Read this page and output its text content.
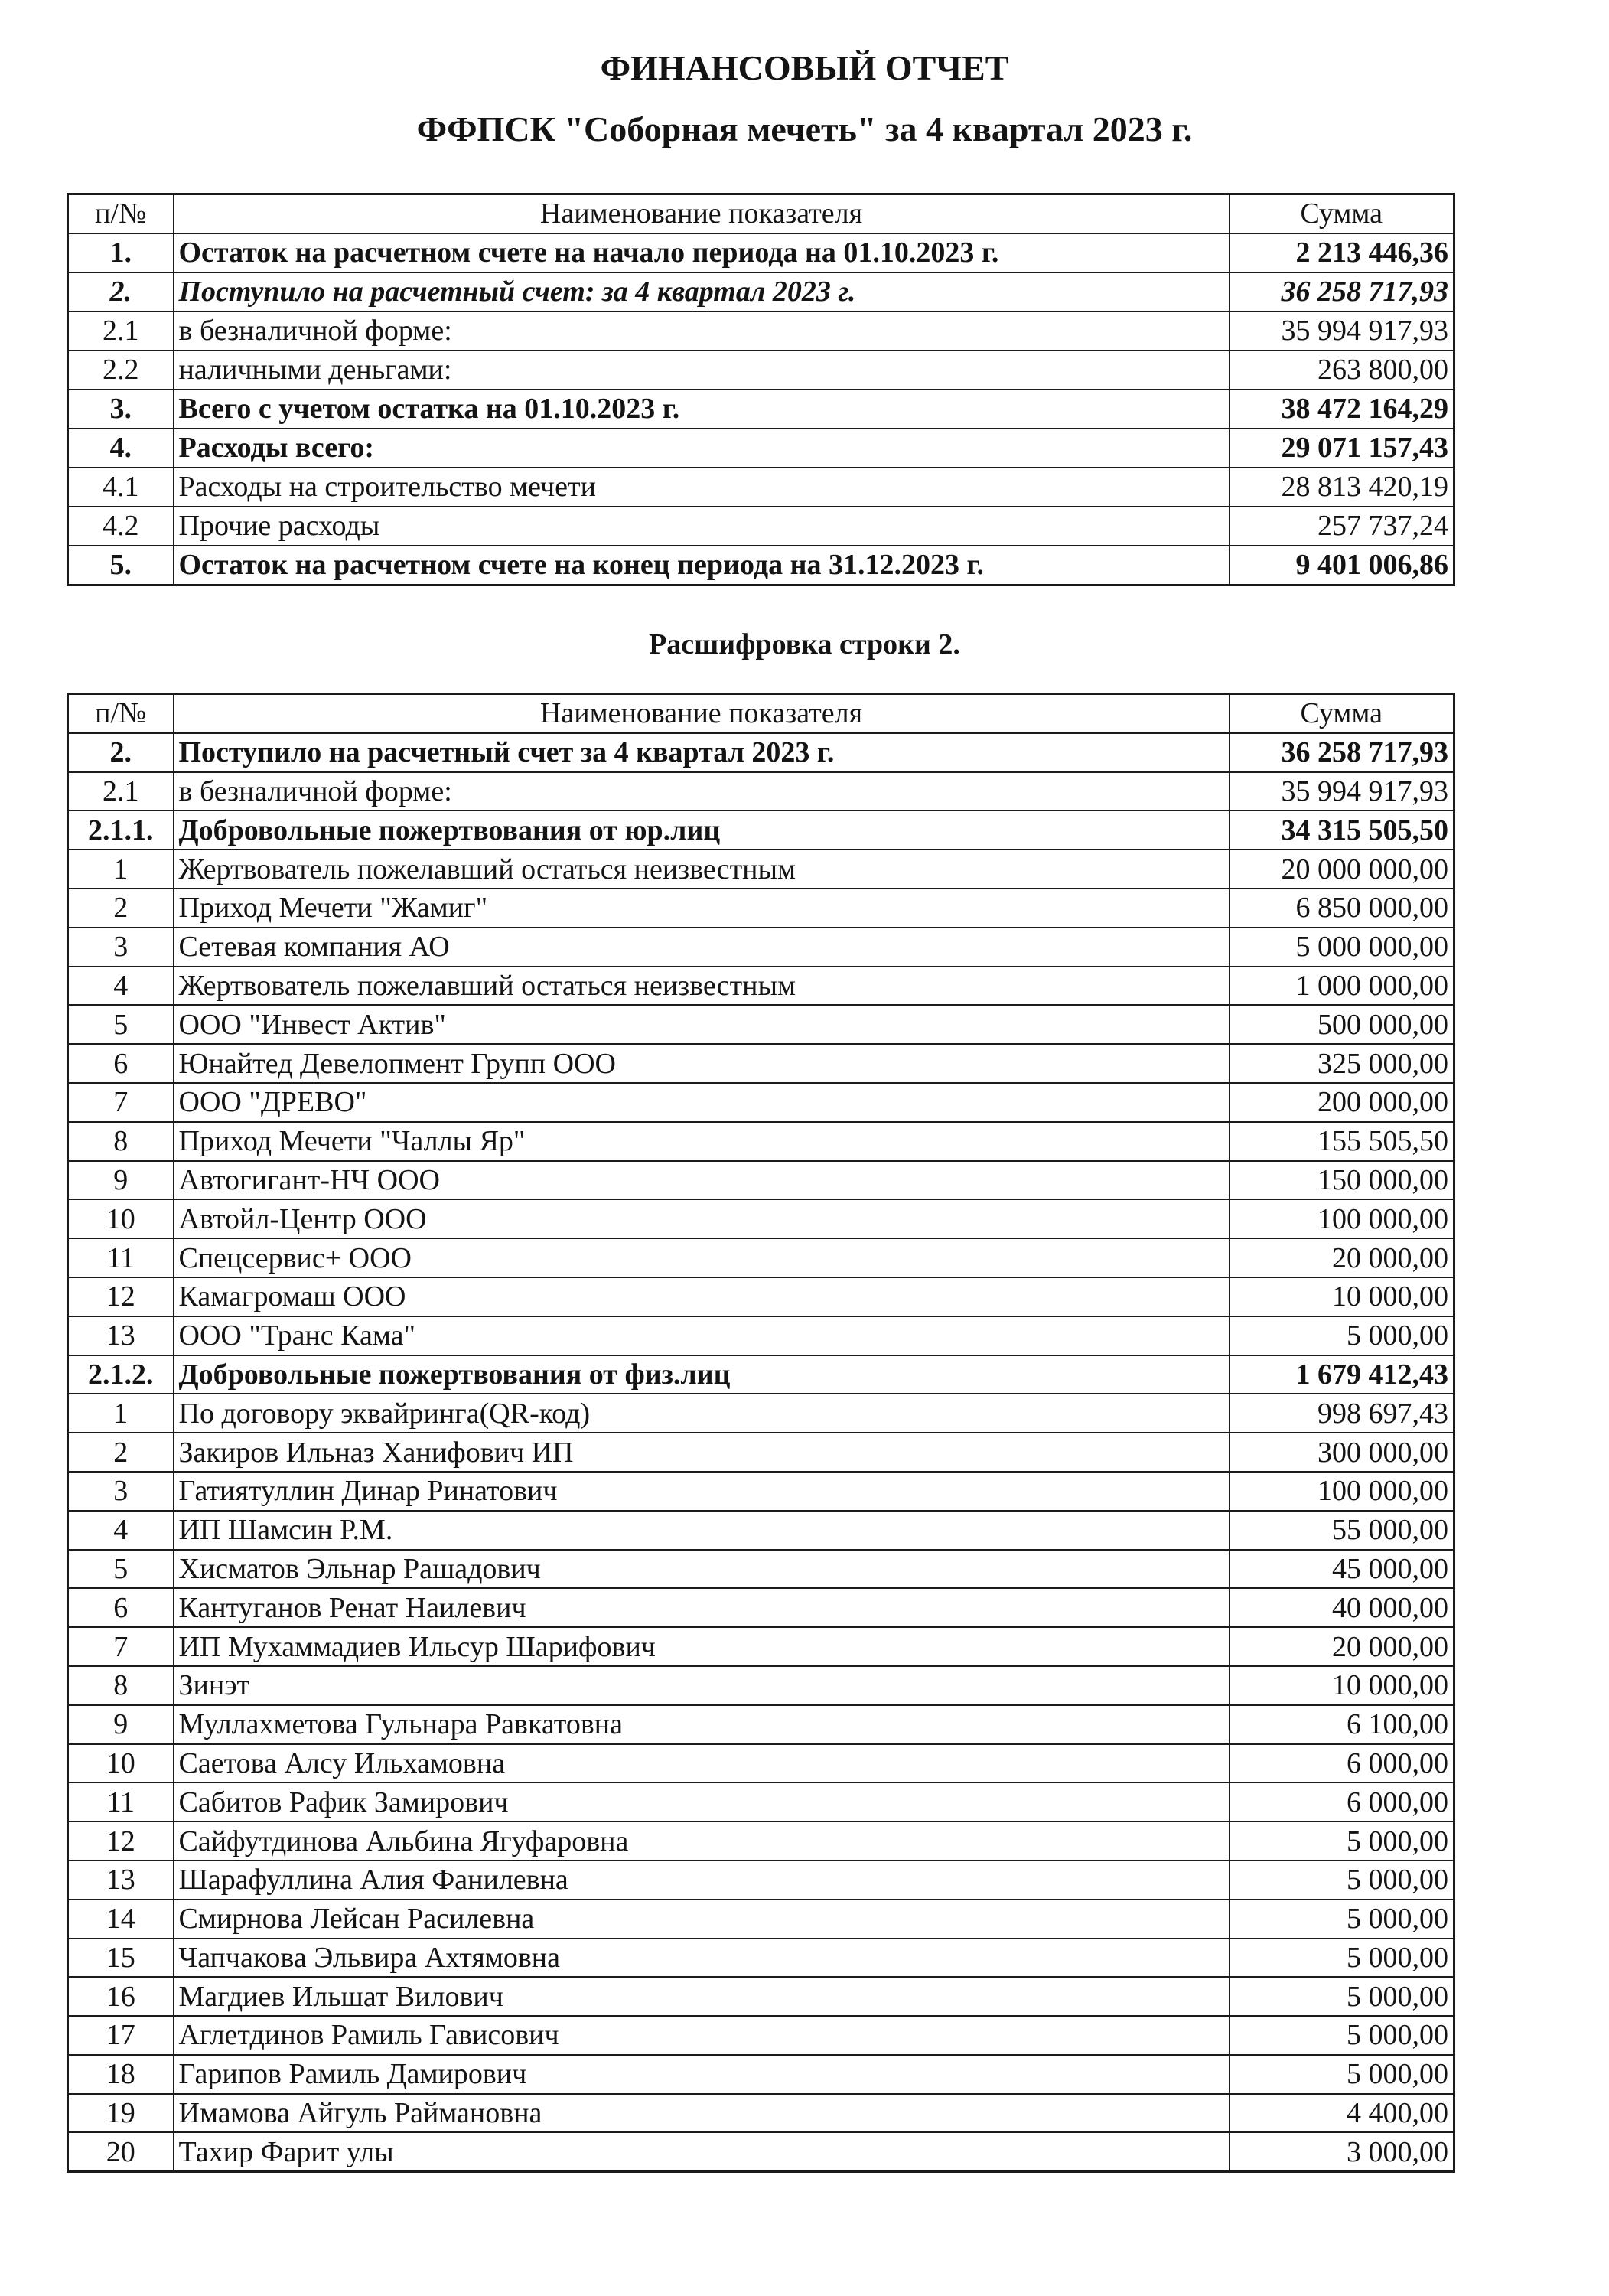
ФИНАНСОВЫЙ ОТЧЕТ
ФФПСК "Соборная мечеть" за 4 квартал 2023 г.
п/№	Наименование показателя	Сумма
1.	Остаток на расчетном счете на начало периода на 01.10.2023 г.	2 213 446,36
2.	Поступило на расчетный счет: за 4 квартал 2023 г.	36 258 717,93
2.1	в безналичной форме:	35 994 917,93
2.2	наличными деньгами:	263 800,00
3.	Всего с учетом остатка на 01.10.2023 г.	38 472 164,29
4.	Расходы всего:	29 071 157,43
4.1	Расходы на строительство мечети	28 813 420,19
4.2	Прочие расходы	257 737,24
5.	Остаток на расчетном счете на конец периода на 31.12.2023 г.	9 401 006,86
Расшифровка строки 2.
п/№	Наименование показателя	Сумма
2.	Поступило на расчетный счет за 4 квартал 2023 г.	36 258 717,93
2.1	в безналичной форме:	35 994 917,93
2.1.1.	Добровольные пожертвования от юр.лиц	34 315 505,50
1	Жертвователь пожелавший остаться неизвестным	20 000 000,00
2	Приход Мечети "Жамиг"	6 850 000,00
3	Сетевая компания АО	5 000 000,00
4	Жертвователь пожелавший остаться неизвестным	1 000 000,00
5	ООО "Инвест Актив"	500 000,00
6	Юнайтед Девелопмент Групп ООО	325 000,00
7	ООО "ДРЕВО"	200 000,00
8	Приход Мечети "Чаллы Яр"	155 505,50
9	Автогигант-НЧ ООО	150 000,00
10	Автойл-Центр ООО	100 000,00
11	Спецсервис+ ООО	20 000,00
12	Камагромаш ООО	10 000,00
13	ООО "Транс Кама"	5 000,00
2.1.2.	Добровольные пожертвования от физ.лиц	1 679 412,43
1	По договору эквайринга(QR-код)	998 697,43
2	Закиров Ильназ Ханифович ИП	300 000,00
3	Гатиятуллин Динар Ринатович	100 000,00
4	ИП Шамсин Р.М.	55 000,00
5	Хисматов Эльнар Рашадович	45 000,00
6	Кантуганов Ренат Наилевич	40 000,00
7	ИП Мухаммадиев Ильсур Шарифович	20 000,00
8	Зинэт	10 000,00
9	Муллахметова Гульнара Равкатовна	6 100,00
10	Саетова Алсу Ильхамовна	6 000,00
11	Сабитов Рафик Замирович	6 000,00
12	Сайфутдинова Альбина Ягуфаровна	5 000,00
13	Шарафуллина Алия Фанилевна	5 000,00
14	Смирнова Лейсан Расилевна	5 000,00
15	Чапчакова Эльвира Ахтямовна	5 000,00
16	Магдиев Ильшат Вилович	5 000,00
17	Аглетдинов Рамиль Гависович	5 000,00
18	Гарипов Рамиль Дамирович	5 000,00
19	Имамова Айгуль Раймановна	4 400,00
20	Тахир Фарит улы	3 000,00
